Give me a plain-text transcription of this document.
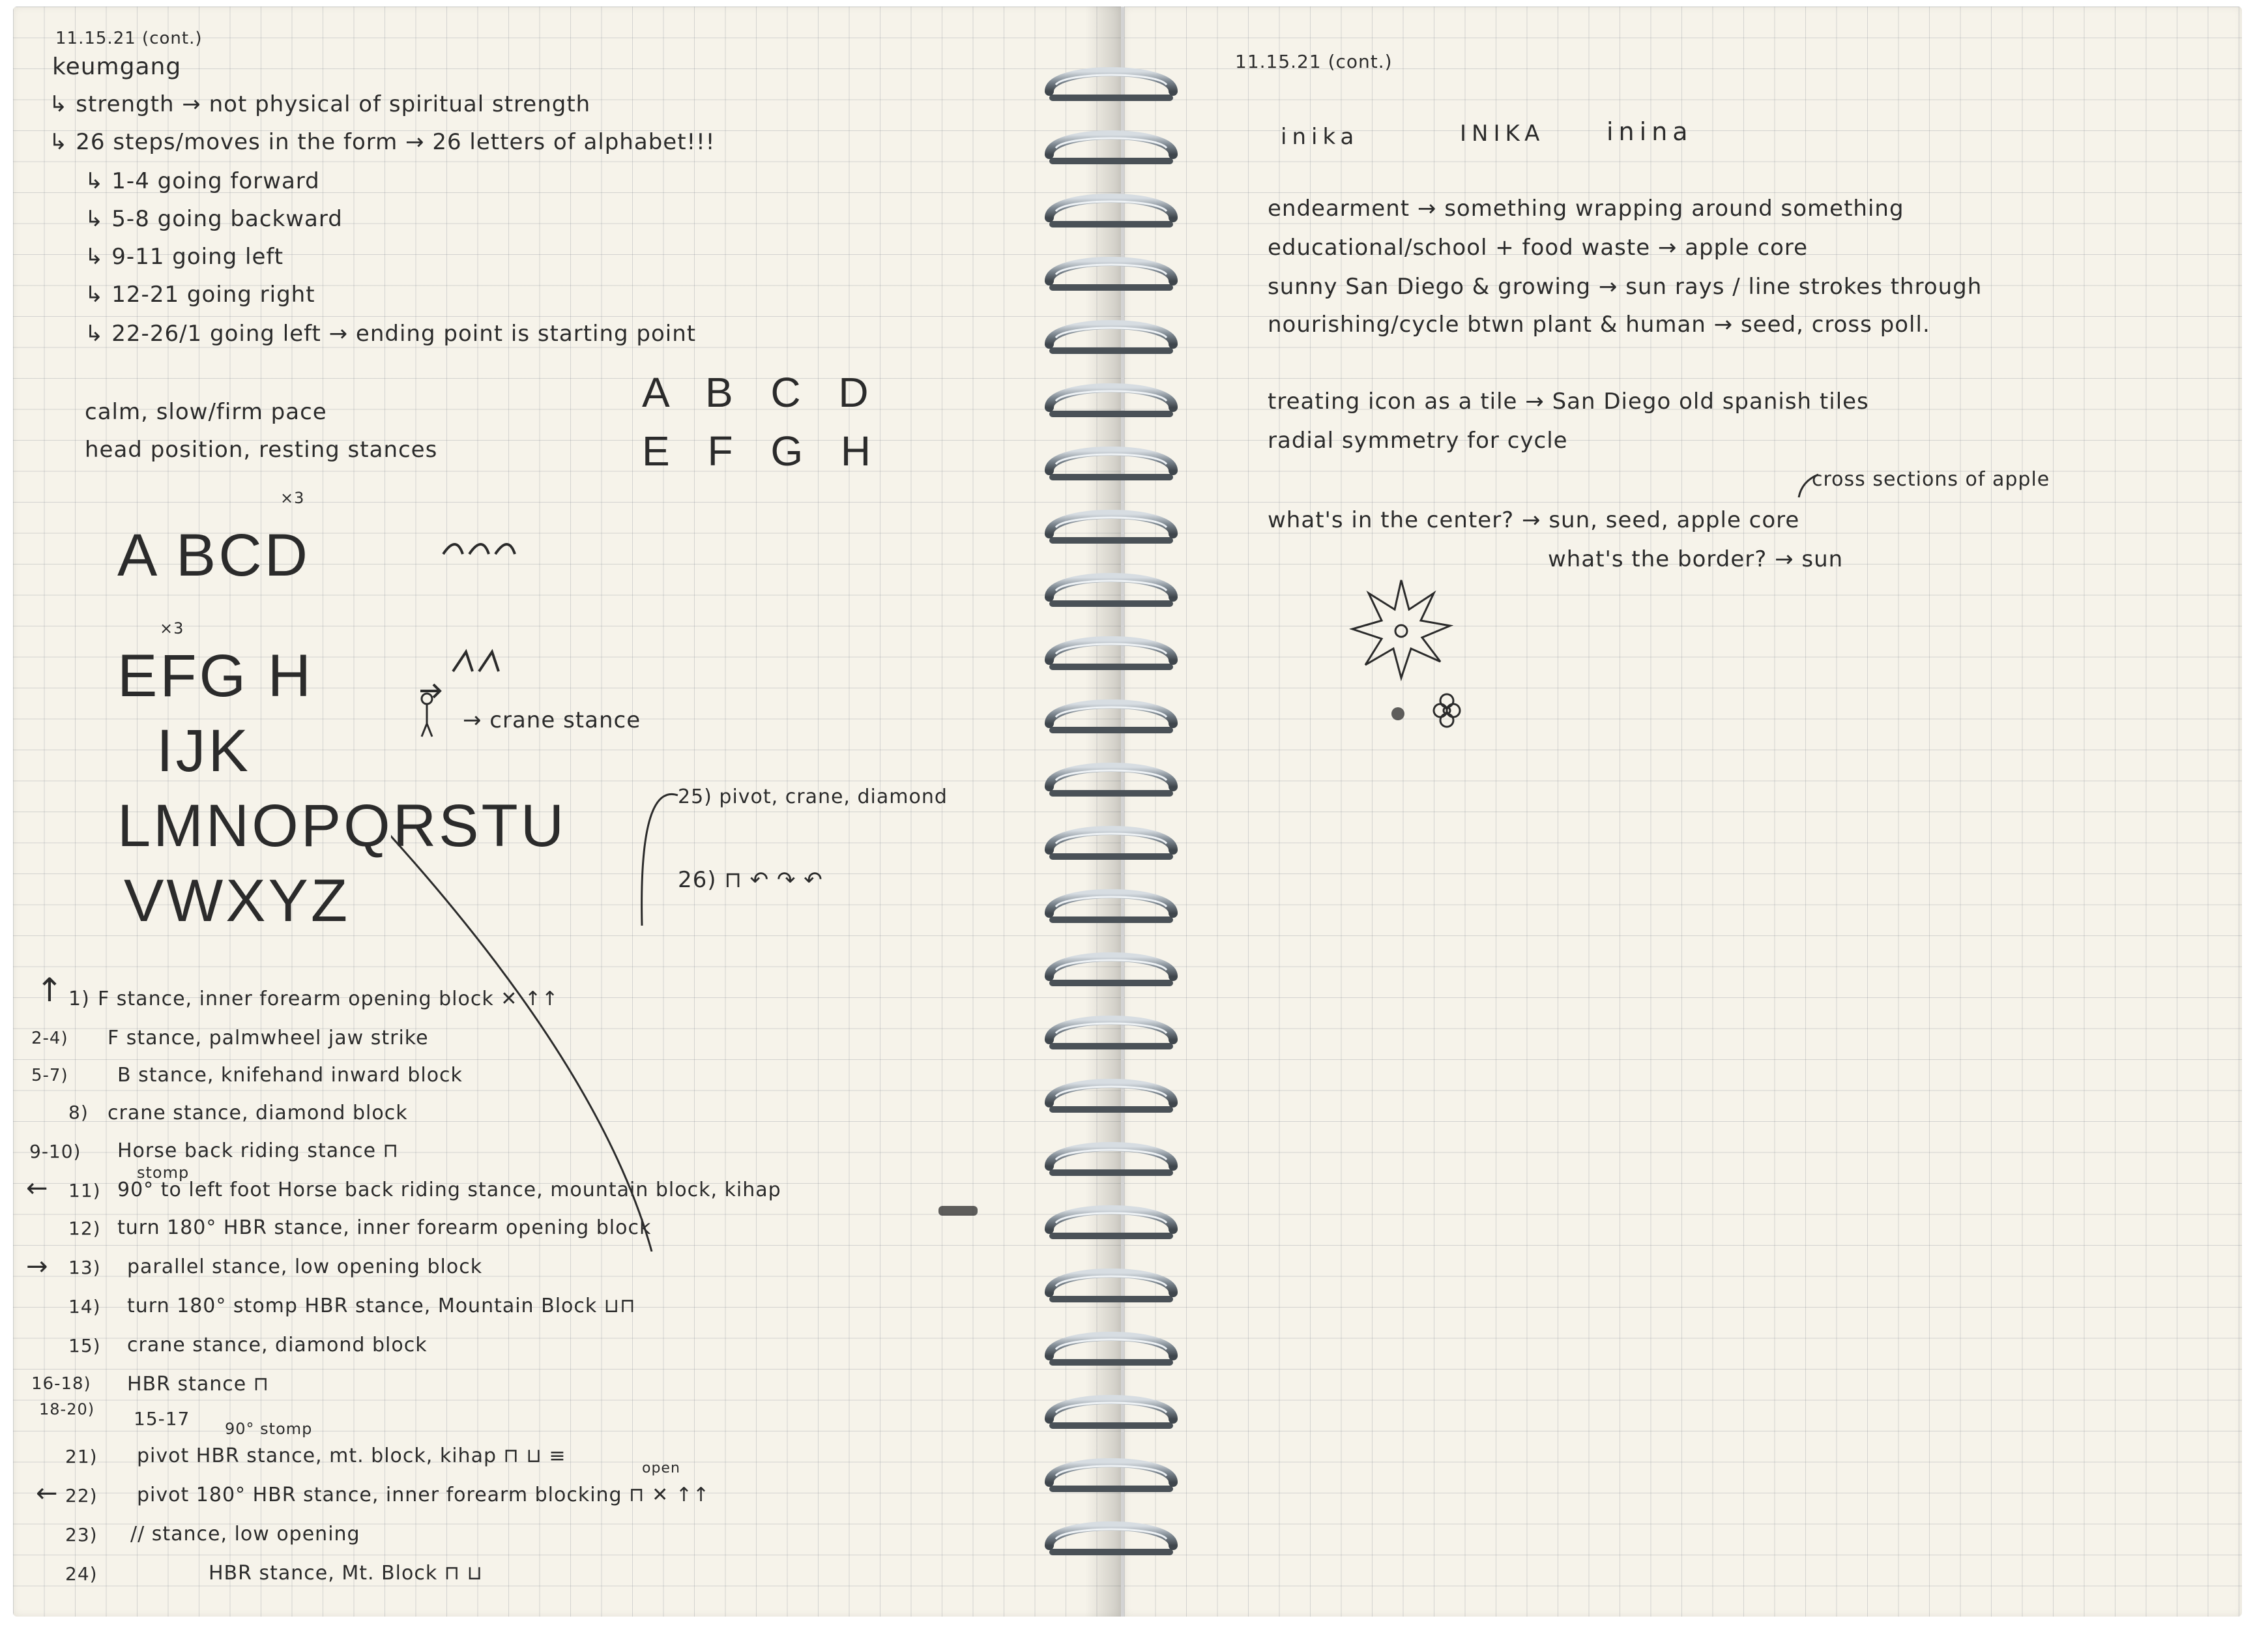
11.15.21 (cont.)
keumgang
↳ strength → not physical of spiritual strength
↳ 26 steps/moves in the form → 26 letters of alphabet!!!
↳ 1-4 going forward
↳ 5-8 going backward
↳ 9-11 going left
↳ 12-21 going right
↳ 22-26/1 going left → ending point is starting point
calm, slow/firm pace
head position, resting stances
A B C D
E F G H
×3
A BCD
×3
EFG H
IJK
LMNOPQRSTU
VWXYZ
→ crane stance
25) pivot, crane, diamond
26) ⊓ ↶ ↷ ↶
↑ 1) F stance, inner forearm opening block ✕ ↑↑
2-4) F stance, palmwheel jaw strike
5-7)	B stance, knifehand inward block
8) crane stance, diamond block
9-10) Horse back riding stance ⊓
stomp
← 11) 90° to left foot Horse back riding stance, mountain block, kihap
12) turn 180° HBR stance, inner forearm opening block
→ 13) parallel stance, low opening block
14) turn 180° stomp HBR stance, Mountain Block ⊔⊓
15) crane stance, diamond block
16-18) HBR stance ⊓
18-20) 15-17 90° stomp
21) pivot HBR stance, mt. block, kihap ⊓ ⊔ ≡
open
← 22) pivot 180° HBR stance, inner forearm blocking ⊓ ✕ ↑↑
23) // stance, low opening
24)	HBR stance, Mt. Block ⊓ ⊔
11.15.21 (cont.)
inika	INIKA inina
endearment → something wrapping around something
educational/school + food waste → apple core
sunny San Diego & growing → sun rays / line strokes through
nourishing/cycle btwn plant & human → seed, cross poll.
treating icon as a tile → San Diego old spanish tiles
radial symmetry for cycle
cross sections of apple
what's in the center? → sun, seed, apple core
what's the border? → sun
